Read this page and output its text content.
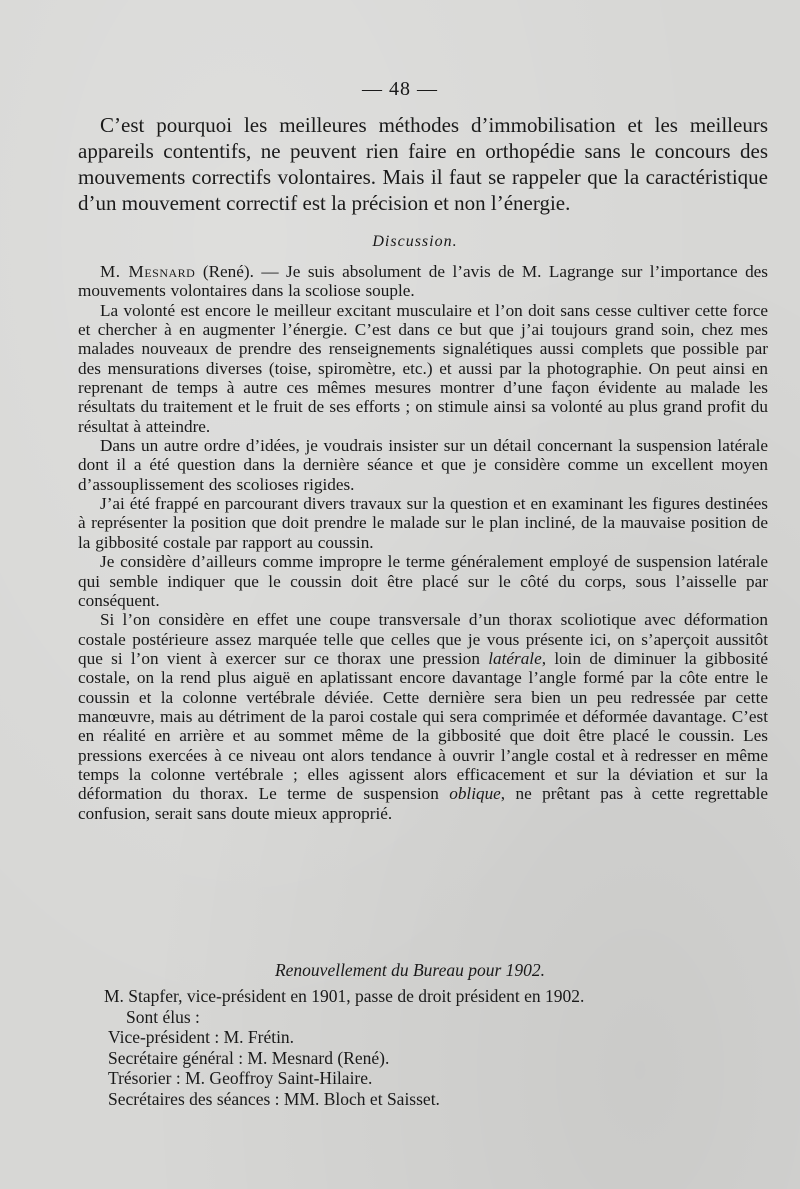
— 48 —

C’est pourquoi les meilleures méthodes d’immobilisation et les meilleurs appareils contentifs, ne peuvent rien faire en orthopédie sans le concours des mouvements correctifs volontaires. Mais il faut se rappeler que la caractéristique d’un mouvement correctif est la précision et non l’énergie.

Discussion.

M. Mesnard (René). — Je suis absolument de l’avis de M. Lagrange sur l’importance des mouvements volontaires dans la scoliose souple.

La volonté est encore le meilleur excitant musculaire et l’on doit sans cesse cultiver cette force et chercher à en augmenter l’énergie. C’est dans ce but que j’ai toujours grand soin, chez mes malades nouveaux de prendre des renseignements signalétiques aussi complets que possible par des mensurations diverses (toise, spiromètre, etc.) et aussi par la photographie. On peut ainsi en reprenant de temps à autre ces mêmes mesures montrer d’une façon évidente au malade les résultats du traitement et le fruit de ses efforts ; on stimule ainsi sa volonté au plus grand profit du résultat à atteindre.

Dans un autre ordre d’idées, je voudrais insister sur un détail concernant la suspension latérale dont il a été question dans la dernière séance et que je considère comme un excellent moyen d’assouplissement des scolioses rigides.

J’ai été frappé en parcourant divers travaux sur la question et en examinant les figures destinées à représenter la position que doit prendre le malade sur le plan incliné, de la mauvaise position de la gibbosité costale par rapport au coussin.

Je considère d’ailleurs comme impropre le terme généralement employé de suspension latérale qui semble indiquer que le coussin doit être placé sur le côté du corps, sous l’aisselle par conséquent.

Si l’on considère en effet une coupe transversale d’un thorax scoliotique avec déformation costale postérieure assez marquée telle que celles que je vous présente ici, on s’aperçoit aussitôt que si l’on vient à exercer sur ce thorax une pression latérale, loin de diminuer la gibbosité costale, on la rend plus aiguë en aplatissant encore davantage l’angle formé par la côte entre le coussin et la colonne vertébrale déviée. Cette dernière sera bien un peu redressée par cette manœuvre, mais au détriment de la paroi costale qui sera comprimée et déformée davantage. C’est en réalité en arrière et au sommet même de la gibbosité que doit être placé le coussin. Les pressions exercées à ce niveau ont alors tendance à ouvrir l’angle costal et à redresser en même temps la colonne vertébrale ; elles agissent alors efficacement et sur la déviation et sur la déformation du thorax. Le terme de suspension oblique, ne prêtant pas à cette regrettable confusion, serait sans doute mieux approprié.

Renouvellement du Bureau pour 1902.

M. Stapfer, vice-président en 1901, passe de droit président en 1902.

Sont élus :

Vice-président : M. Frétin.

Secrétaire général : M. Mesnard (René).

Trésorier : M. Geoffroy Saint-Hilaire.

Secrétaires des séances : MM. Bloch et Saisset.
